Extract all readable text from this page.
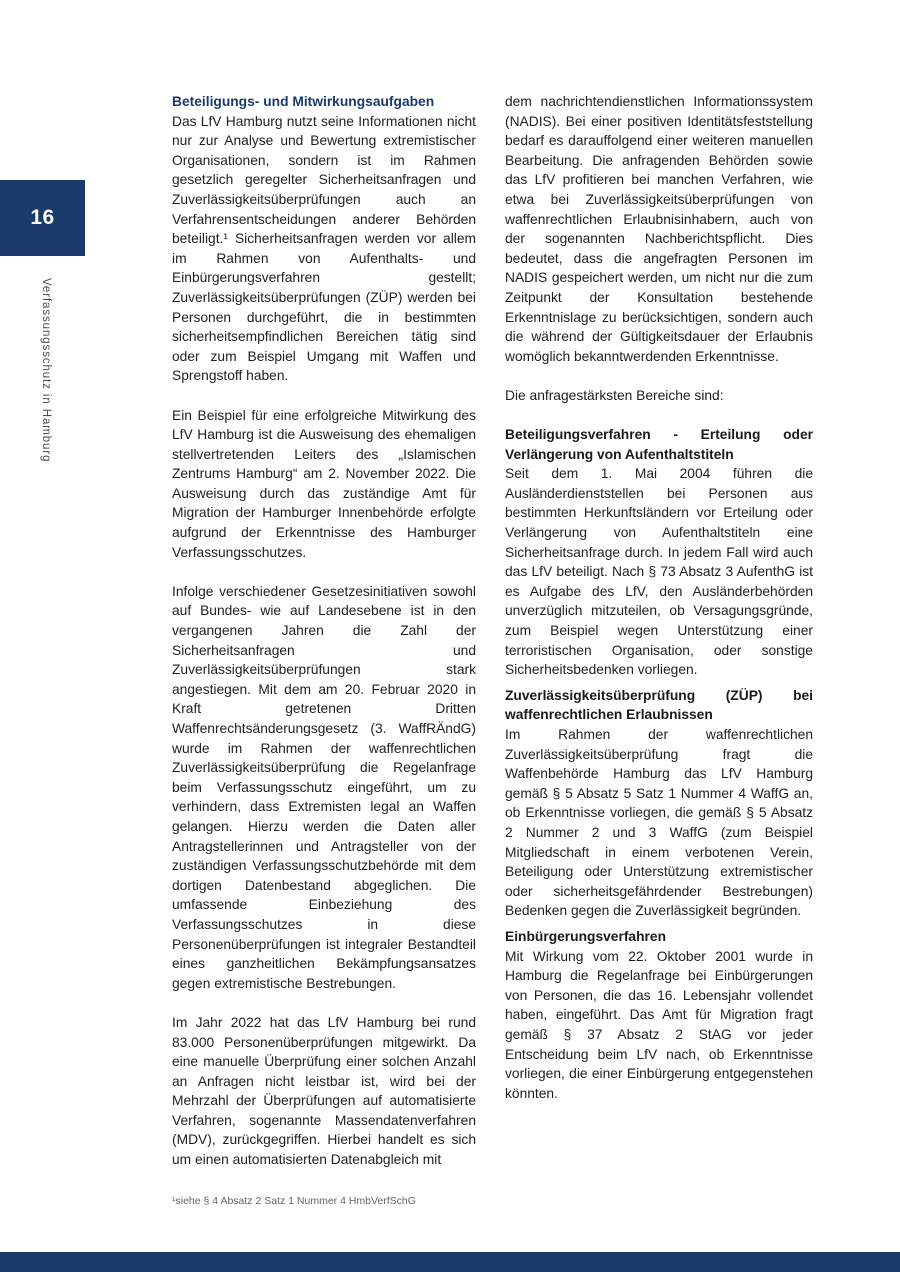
16
Verfassungsschutz in Hamburg
Beteiligungs- und Mitwirkungsaufgaben

Das LfV Hamburg nutzt seine Informationen nicht nur zur Analyse und Bewertung extremistischer Organisationen, sondern ist im Rahmen gesetzlich geregelter Sicherheitsanfragen und Zuverlässigkeitsüberprüfungen auch an Verfahrensentscheidungen anderer Behörden beteiligt.¹ Sicherheitsanfragen werden vor allem im Rahmen von Aufenthalts- und Einbürgerungsverfahren gestellt; Zuverlässigkeitsüberprüfungen (ZÜP) werden bei Personen durchgeführt, die in bestimmten sicherheitsempfindlichen Bereichen tätig sind oder zum Beispiel Umgang mit Waffen und Sprengstoff haben.

Ein Beispiel für eine erfolgreiche Mitwirkung des LfV Hamburg ist die Ausweisung des ehemaligen stellvertretenden Leiters des „Islamischen Zentrums Hamburg“ am 2. November 2022. Die Ausweisung durch das zuständige Amt für Migration der Hamburger Innenbehörde erfolgte aufgrund der Erkenntnisse des Hamburger Verfassungsschutzes.

Infolge verschiedener Gesetzesinitiativen sowohl auf Bundes- wie auf Landesebene ist in den vergangenen Jahren die Zahl der Sicherheitsanfragen und Zuverlässigkeitsüberprüfungen stark angestiegen. Mit dem am 20. Februar 2020 in Kraft getretenen Dritten Waffenrechtsänderungsgesetz (3. WaffRÄndG) wurde im Rahmen der waffenrechtlichen Zuverlässigkeitsüberprüfung die Regelanfrage beim Verfassungsschutz eingeführt, um zu verhindern, dass Extremisten legal an Waffen gelangen. Hierzu werden die Daten aller Antragstellerinnen und Antragsteller von der zuständigen Verfassungsschutzbehörde mit dem dortigen Datenbestand abgeglichen. Die umfassende Einbeziehung des Verfassungsschutzes in diese Personenüberprüfungen ist integraler Bestandteil eines ganzheitlichen Bekämpfungsansatzes gegen extremistische Bestrebungen.

Im Jahr 2022 hat das LfV Hamburg bei rund 83.000 Personenüberprüfungen mitgewirkt. Da eine manuelle Überprüfung einer solchen Anzahl an Anfragen nicht leistbar ist, wird bei der Mehrzahl der Überprüfungen auf automatisierte Verfahren, sogenannte Massendatenverfahren (MDV), zurückgegriffen. Hierbei handelt es sich um einen automatisierten Datenabgleich mit

dem nachrichtendienstlichen Informationssystem (NADIS). Bei einer positiven Identitätsfeststellung bedarf es darauffolgend einer weiteren manuellen Bearbeitung. Die anfragenden Behörden sowie das LfV profitieren bei manchen Verfahren, wie etwa bei Zuverlässigkeitsüberprüfungen von waffenrechtlichen Erlaubnisinhabern, auch von der sogenannten Nachberichtspflicht. Dies bedeutet, dass die angefragten Personen im NADIS gespeichert werden, um nicht nur die zum Zeitpunkt der Konsultation bestehende Erkenntnislage zu berücksichtigen, sondern auch die während der Gültigkeitsdauer der Erlaubnis womöglich bekanntwerdenden Erkenntnisse.

Die anfragestärksten Bereiche sind:

Beteiligungsverfahren - Erteilung oder Verlängerung von Aufenthaltstiteln

Seit dem 1. Mai 2004 führen die Ausländerdienststellen bei Personen aus bestimmten Herkunftsländern vor Erteilung oder Verlängerung von Aufenthaltstiteln eine Sicherheitsanfrage durch. In jedem Fall wird auch das LfV beteiligt. Nach § 73 Absatz 3 AufenthG ist es Aufgabe des LfV, den Ausländerbehörden unverzüglich mitzuteilen, ob Versagungsgründe, zum Beispiel wegen Unterstützung einer terroristischen Organisation, oder sonstige Sicherheitsbedenken vorliegen.

Zuverlässigkeitsüberprüfung (ZÜP) bei waffenrechtlichen Erlaubnissen

Im Rahmen der waffenrechtlichen Zuverlässigkeitsüberprüfung fragt die Waffenbehörde Hamburg das LfV Hamburg gemäß § 5 Absatz 5 Satz 1 Nummer 4 WaffG an, ob Erkenntnisse vorliegen, die gemäß § 5 Absatz 2 Nummer 2 und 3 WaffG (zum Beispiel Mitgliedschaft in einem verbotenen Verein, Beteiligung oder Unterstützung extremistischer oder sicherheitsgefährdender Bestrebungen) Bedenken gegen die Zuverlässigkeit begründen.

Einbürgerungsverfahren

Mit Wirkung vom 22. Oktober 2001 wurde in Hamburg die Regelanfrage bei Einbürgerungen von Personen, die das 16. Lebensjahr vollendet haben, eingeführt. Das Amt für Migration fragt gemäß § 37 Absatz 2 StAG vor jeder Entscheidung beim LfV nach, ob Erkenntnisse vorliegen, die einer Einbürgerung entgegenstehen könnten.

¹siehe § 4 Absatz 2 Satz 1 Nummer 4 HmbVerfSchG
